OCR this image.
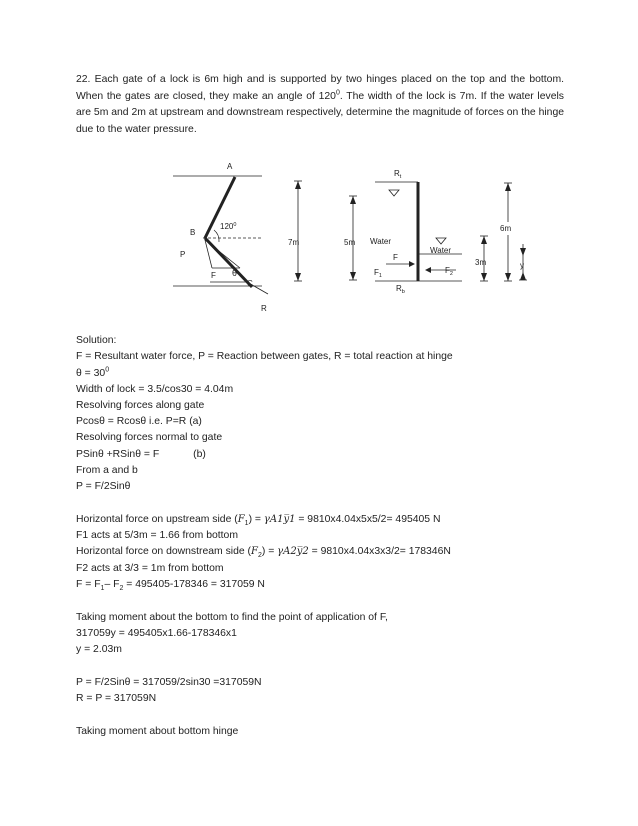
22. Each gate of a lock is 6m high and is supported by two hinges placed on the top and the bottom. When the gates are closed, they make an angle of $120^0$. The width of the lock is 7m. If the water levels are 5m and 2m at upstream and downstream respectively, determine the magnitude of forces on the hinge due to the water pressure.
A
B
P
F θ
C
R
$120^0$
7m	5m
$R_t$
Water
F
$F_1$
$R_b$
Water
$F_2$
3m
6m
y
Solution:
F = Resultant water force, P = Reaction between gates, R = total reaction at hinge
$\theta = 30^0$
Width of lock = 3.5/cos30 = 4.04m
Resolving forces along gate
Pcosθ = Rcosθ i.e. P=R (a)
Resolving forces normal to gate
PSinθ +RSinθ = F	(b)
From a and b
P = F/2Sinθ
Horizontal force on upstream side $(F_1)$ = γA1y̅1 = 9810x4.04x5x5/2= 495405 N
F1 acts at 5/3m = 1.66 from bottom
Horizontal force on downstream side $(F_2)$ = γA2y̅2 = 9810x4.04x3x3/2= 178346N
F2 acts at 3/3 = 1m from bottom
$F = F_1-$ $F_2 = 495405-178346 = 317059$ N
Taking moment about the bottom to find the point of application of F,
317059y = 495405x1.66-178346x1
y = 2.03m
P = F/2Sinθ = 317059/2sin30 =317059N
R = P = 317059N
Taking moment about bottom hinge
